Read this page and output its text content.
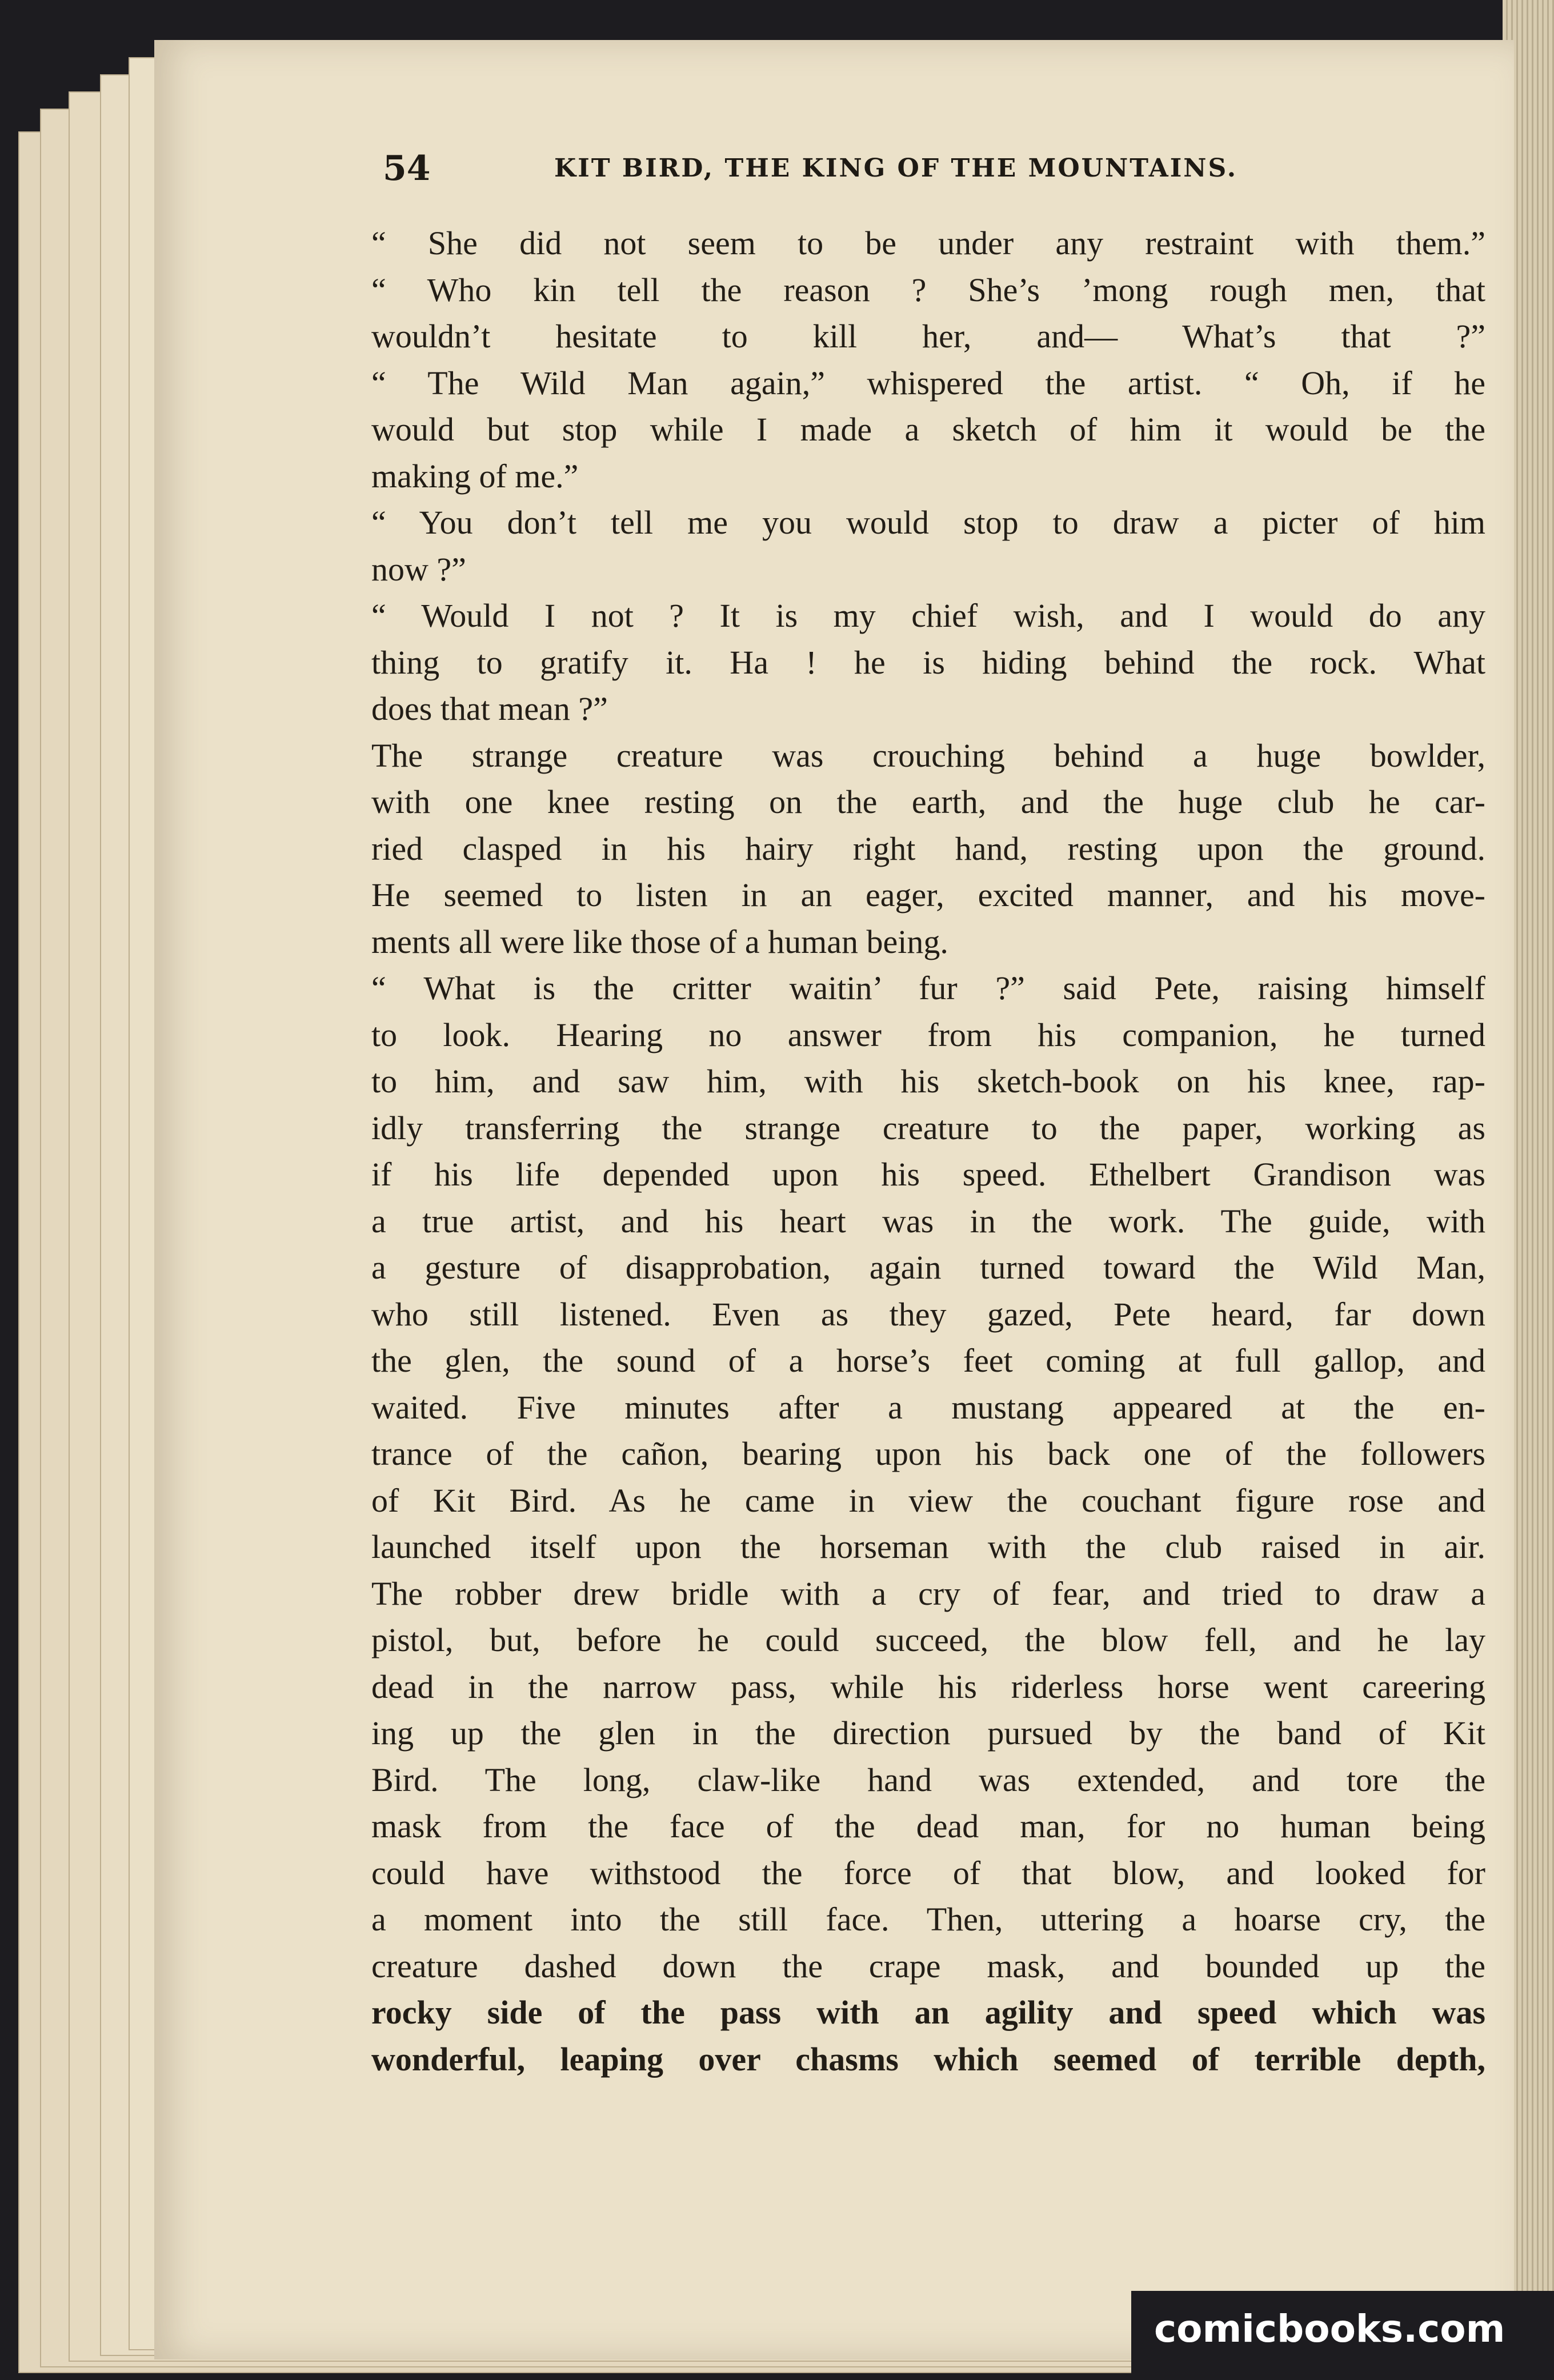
54	KIT BIRD, THE KING OF THE MOUNTAINS.
“ She did not seem to be under any restraint with them.”
“ Who kin tell the reason ? She’s ’mong rough men, that
wouldn’t hesitate to kill her, and— What’s that ?”
“ The Wild Man again,” whispered the artist. “ Oh, if he
would but stop while I made a sketch of him it would be the
making of me.”
“ You don’t tell me you would stop to draw a picter of him
now ?”
“ Would I not ? It is my chief wish, and I would do any
thing to gratify it. Ha ! he is hiding behind the rock. What
does that mean ?”
The strange creature was crouching behind a huge bowlder,
with one knee resting on the earth, and the huge club he car-
ried clasped in his hairy right hand, resting upon the ground.
He seemed to listen in an eager, excited manner, and his move-
ments all were like those of a human being.
“ What is the critter waitin’ fur ?” said Pete, raising himself
to look. Hearing no answer from his companion, he turned
to him, and saw him, with his sketch-book on his knee, rap-
idly transferring the strange creature to the paper, working as
if his life depended upon his speed. Ethelbert Grandison was
a true artist, and his heart was in the work. The guide, with
a gesture of disapprobation, again turned toward the Wild Man,
who still listened. Even as they gazed, Pete heard, far down
the glen, the sound of a horse’s feet coming at full gallop, and
waited. Five minutes after a mustang appeared at the en-
trance of the cañon, bearing upon his back one of the followers
of Kit Bird. As he came in view the couchant figure rose and
launched itself upon the horseman with the club raised in air.
The robber drew bridle with a cry of fear, and tried to draw a
pistol, but, before he could succeed, the blow fell, and he lay
dead in the narrow pass, while his riderless horse went careering
ing up the glen in the direction pursued by the band of Kit
Bird. The long, claw-like hand was extended, and tore the
mask from the face of the dead man, for no human being
could have withstood the force of that blow, and looked for
a moment into the still face. Then, uttering a hoarse cry, the
creature dashed down the crape mask, and bounded up the
rocky side of the pass with an agility and speed which was
wonderful, leaping over chasms which seemed of terrible depth,
comicbooks.com
